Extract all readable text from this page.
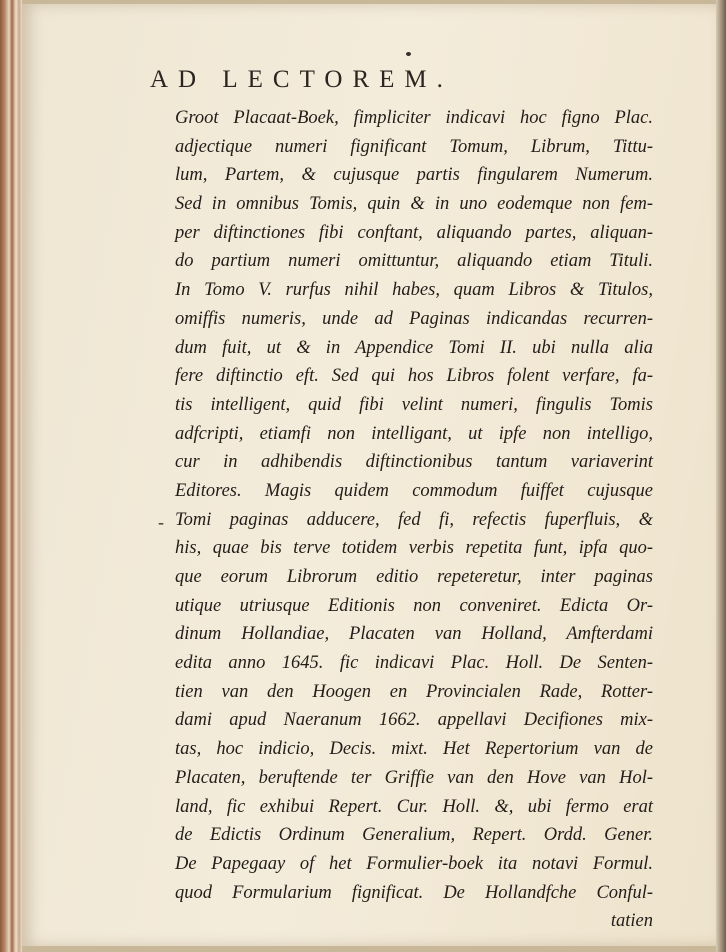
AD LECTOREM.
-
Groot Placaat-Boek, fimpliciter indicavi hoc figno Plac.
adjectique numeri fignificant Tomum, Librum, Tittu-
lum, Partem, & cujusque partis fingularem Numerum.
Sed in omnibus Tomis, quin & in uno eodemque non fem-
per diftinctiones fibi conftant, aliquando partes, aliquan-
do partium numeri omittuntur, aliquando etiam Tituli.
In Tomo V. rurfus nihil habes, quam Libros & Titulos,
omiffis numeris, unde ad Paginas indicandas recurren-
dum fuit, ut & in Appendice Tomi II. ubi nulla alia
fere diftinctio eft. Sed qui hos Libros folent verfare, fa-
tis intelligent, quid fibi velint numeri, fingulis Tomis
adfcripti, etiamfi non intelligant, ut ipfe non intelligo,
cur in adhibendis diftinctionibus tantum variaverint
Editores. Magis quidem commodum fuiffet cujusque
Tomi paginas adducere, fed fi, refectis fuperfluis, &
his, quae bis terve totidem verbis repetita funt, ipfa quo-
que eorum Librorum editio repeteretur, inter paginas
utique utriusque Editionis non conveniret. Edicta Or-
dinum Hollandiae, Placaten van Holland, Amfterdami
edita anno 1645. fic indicavi Plac. Holl. De Senten-
tien van den Hoogen en Provincialen Rade, Rotter-
dami apud Naeranum 1662. appellavi Decifiones mix-
tas, hoc indicio, Decis. mixt. Het Repertorium van de
Placaten, beruftende ter Griffie van den Hove van Hol-
land, fic exhibui Repert. Cur. Holl. &, ubi fermo erat
de Edictis Ordinum Generalium, Repert. Ordd. Gener.
De Papegaay of het Formulier-boek ita notavi Formul.
quod Formularium fignificat. De Hollandfche Conful-
tatien
